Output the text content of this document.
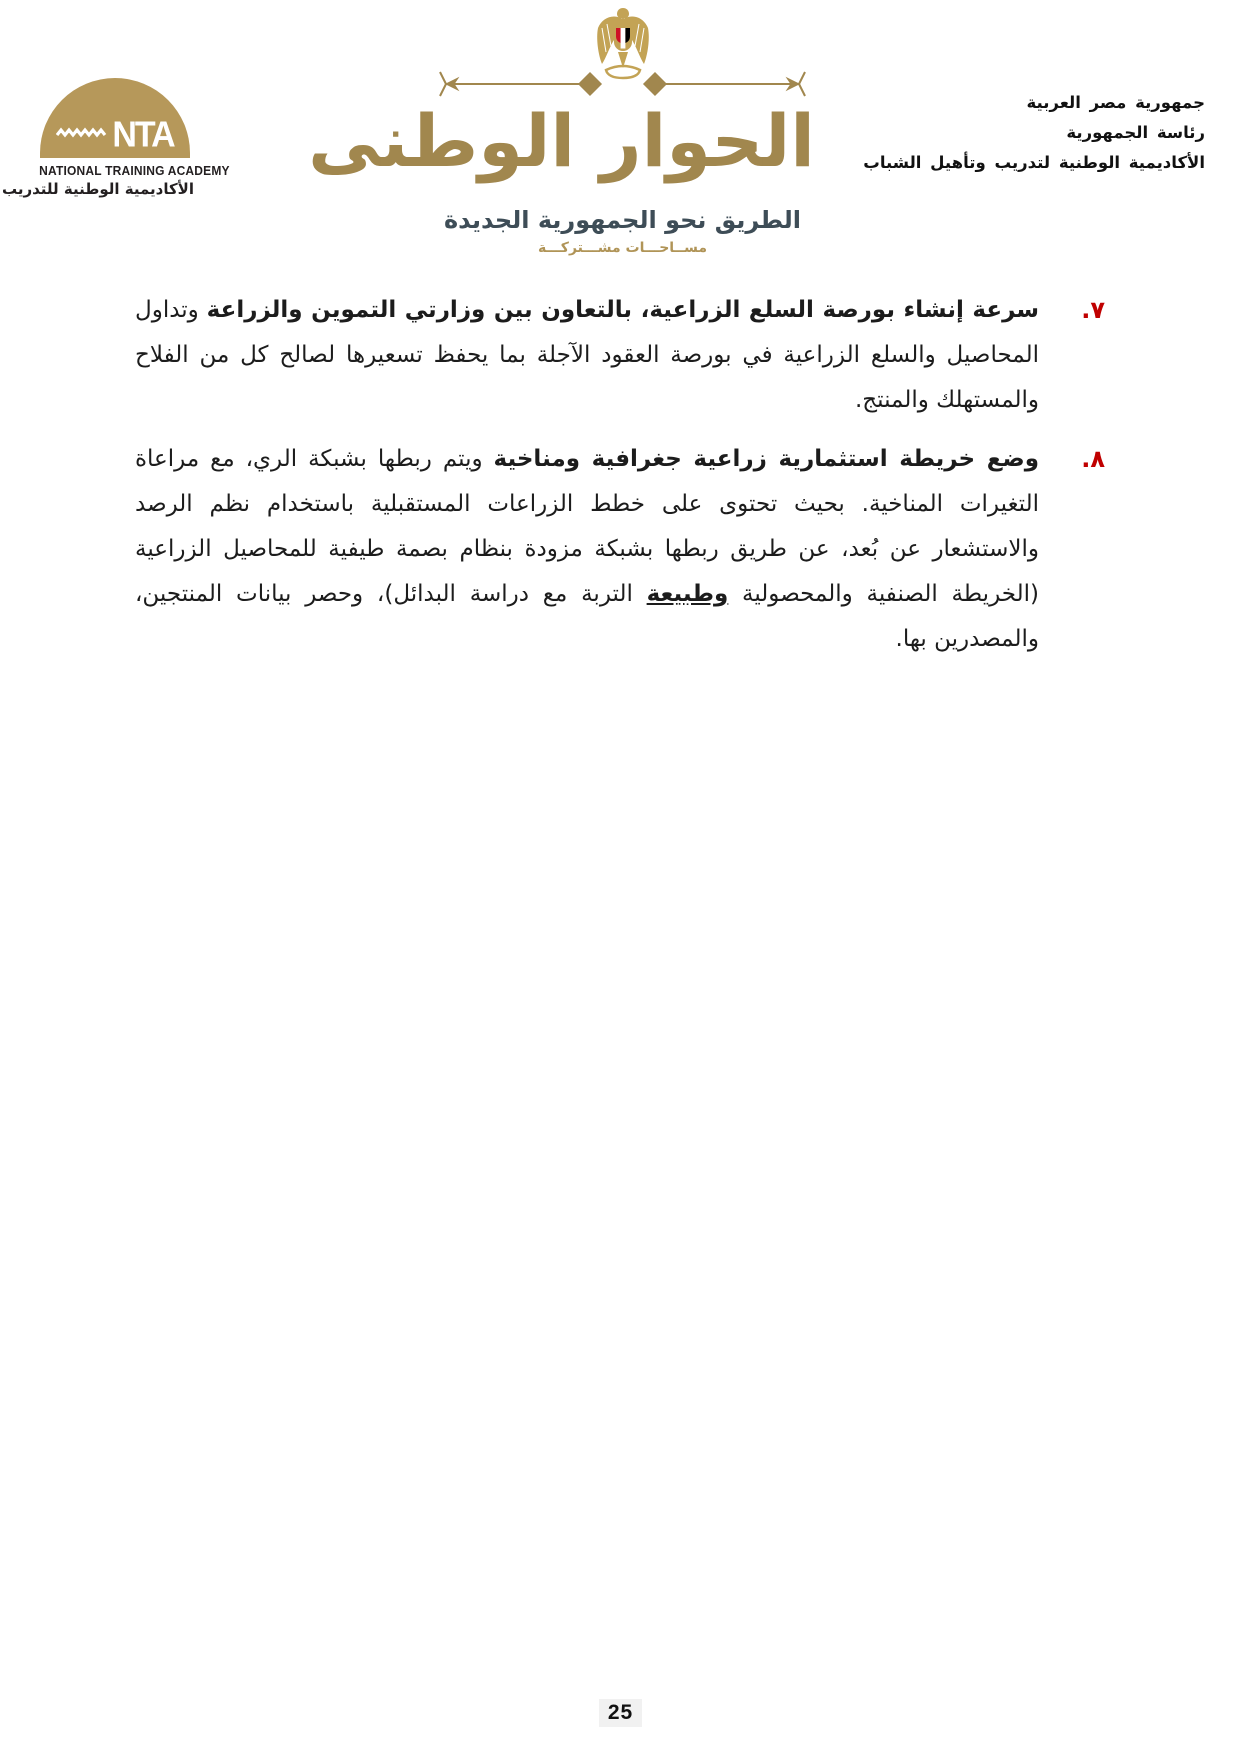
NTA
NATIONAL TRAINING ACADEMY
الأكاديمية الوطنية للتدريب
الحوار الوطنى
الطريق نحو الجمهورية الجديدة
مســاحـــات مشـــتركـــة
جمهورية مصر العربية
رئاسة الجمهورية
الأكاديمية الوطنية لتدريب وتأهيل الشباب
٧.
سرعة إنشاء بورصة السلع الزراعية، بالتعاون بين وزارتي التموين والزراعة وتداول المحاصيل والسلع الزراعية في بورصة العقود الآجلة بما يحفظ تسعيرها لصالح كل من الفلاح والمستهلك والمنتج.
٨.
وضع خريطة استثمارية زراعية جغرافية ومناخية ويتم ربطها بشبكة الري، مع مراعاة التغيرات المناخية. بحيث تحتوى على خطط الزراعات المستقبلية باستخدام نظم الرصد والاستشعار عن بُعد، عن طريق ربطها بشبكة مزودة بنظام بصمة طيفية للمحاصيل الزراعية (الخريطة الصنفية والمحصولية وطبيعة التربة مع دراسة البدائل)، وحصر بيانات المنتجين، والمصدرين بها.
25
